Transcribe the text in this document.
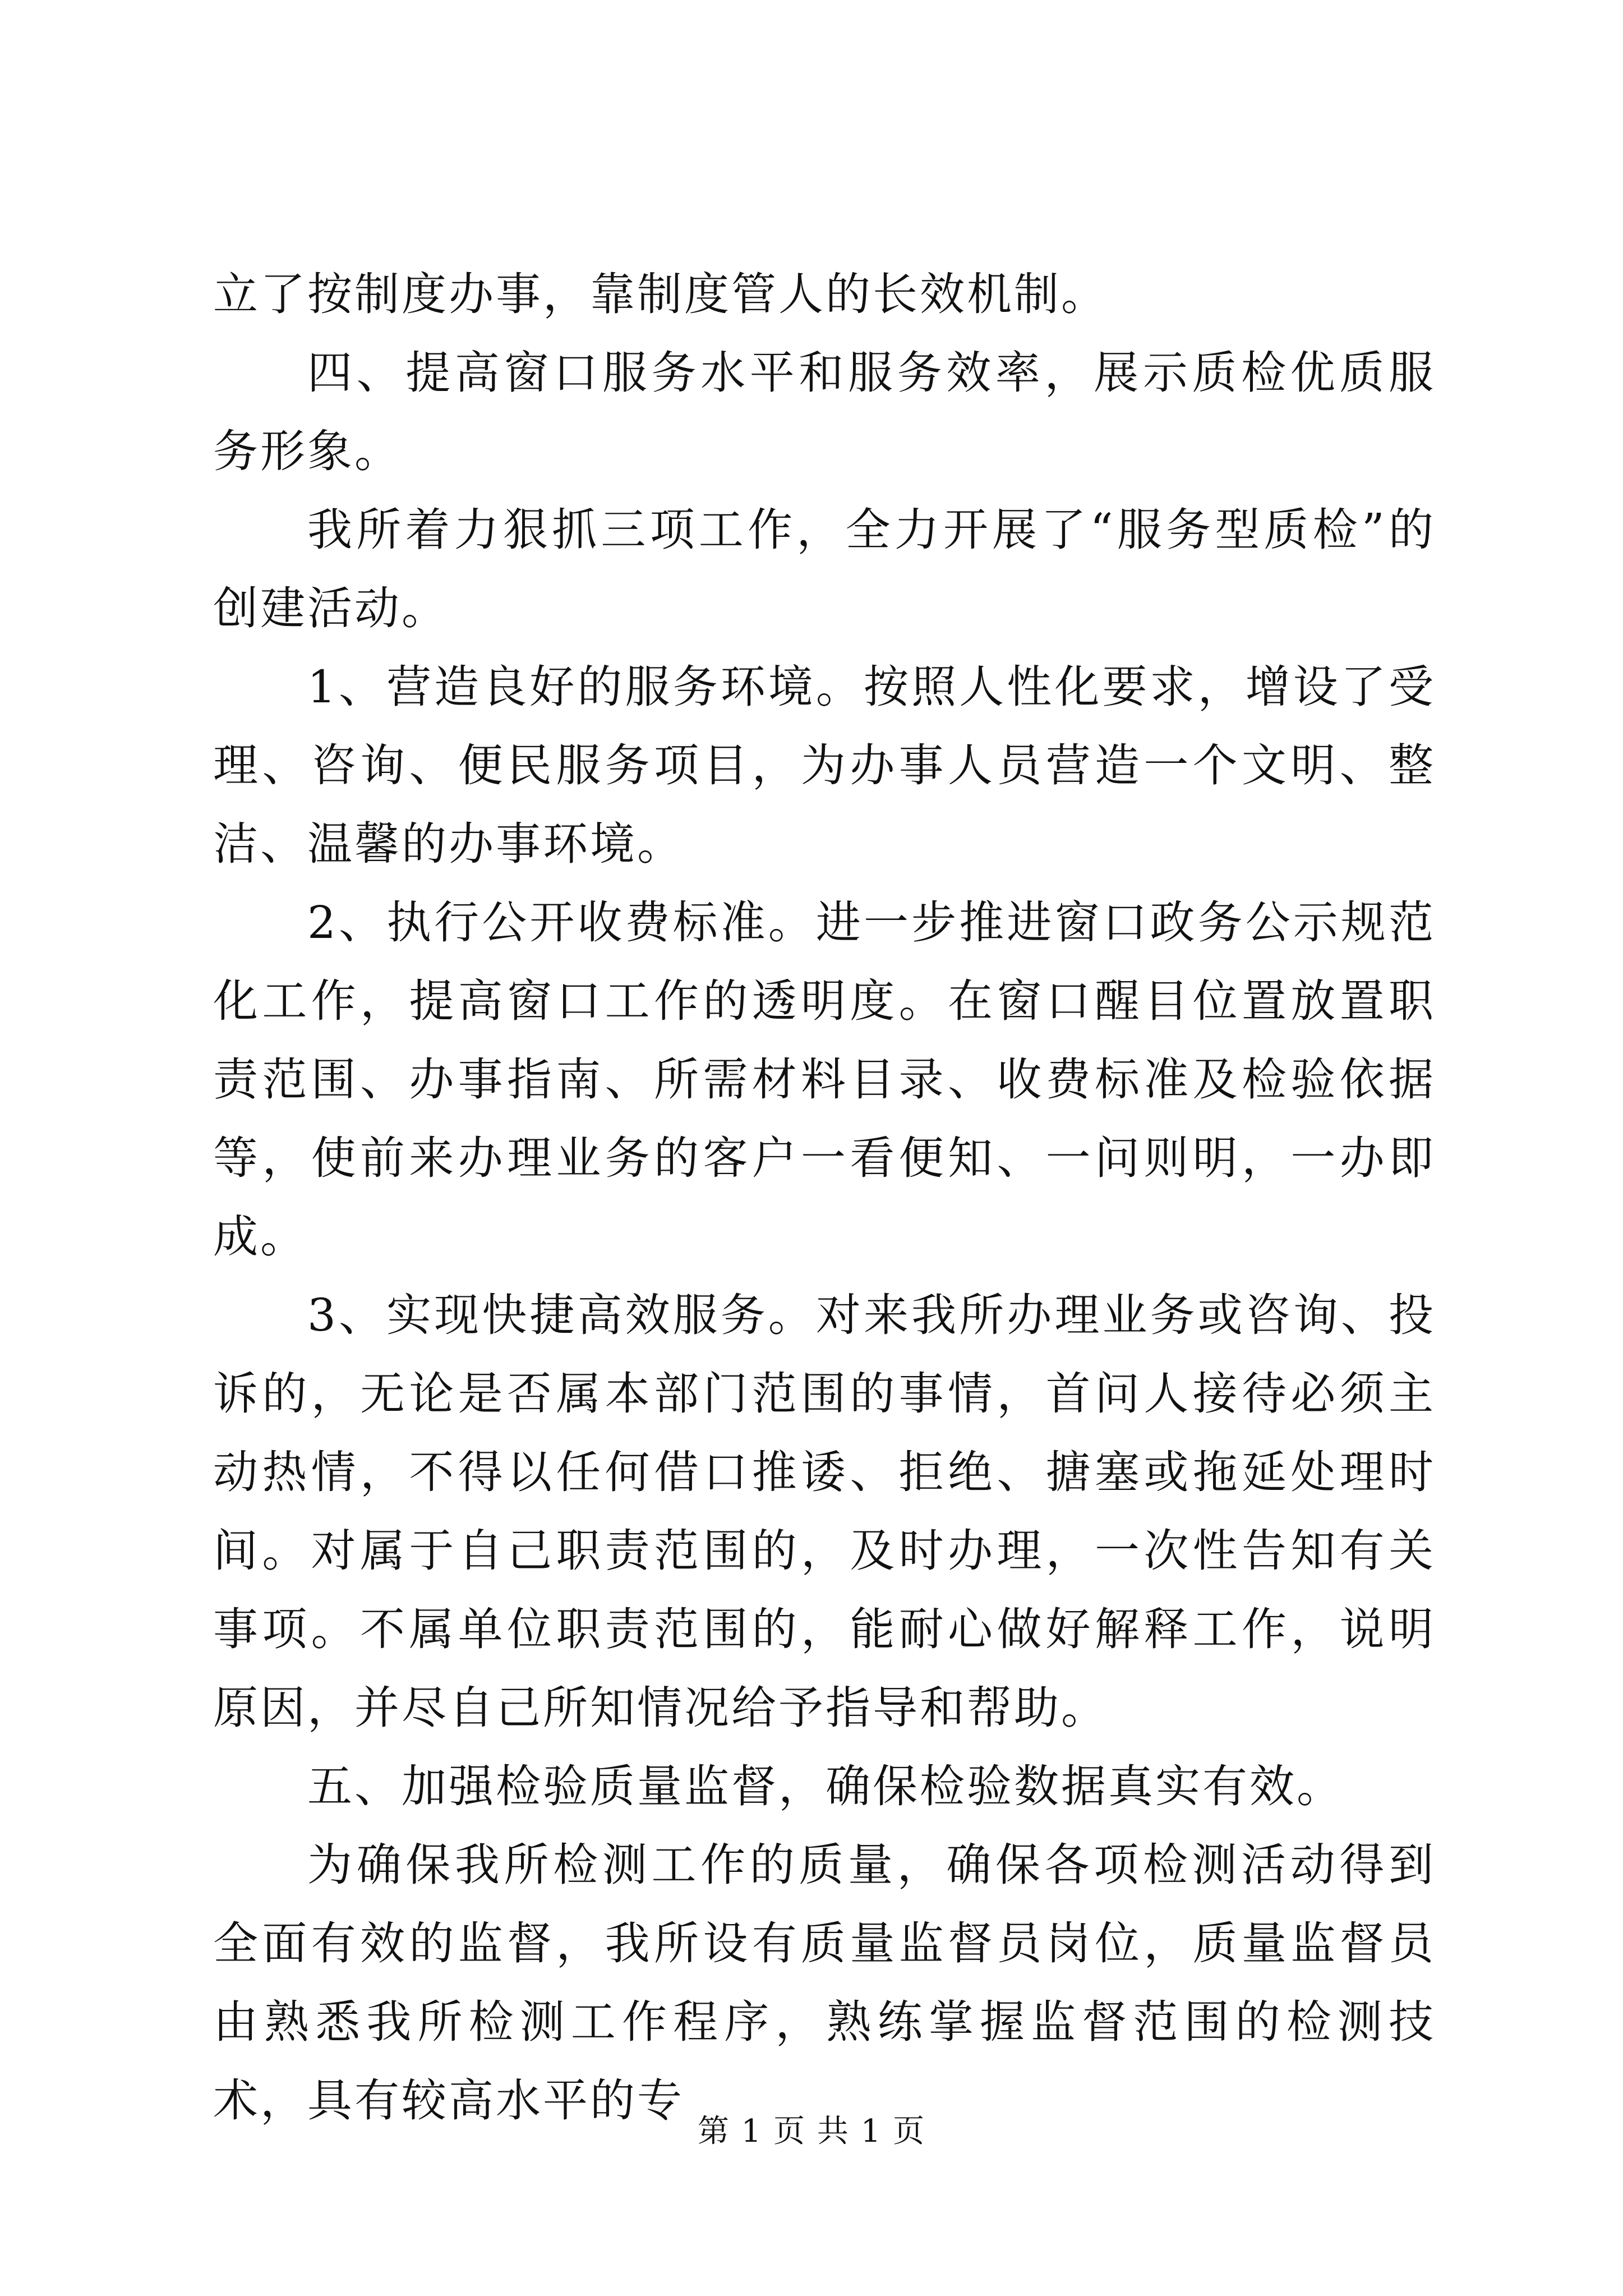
立了按制度办事，靠制度管人的长效机制。

四、提高窗口服务水平和服务效率，展示质检优质服务形象。

我所着力狠抓三项工作，全力开展了“服务型质检”的创建活动。

1、营造良好的服务环境。按照人性化要求，增设了受理、咨询、便民服务项目，为办事人员营造一个文明、整洁、温馨的办事环境。

2、执行公开收费标准。进一步推进窗口政务公示规范化工作，提高窗口工作的透明度。在窗口醒目位置放置职责范围、办事指南、所需材料目录、收费标准及检验依据等，使前来办理业务的客户一看便知、一问则明，一办即成。

3、实现快捷高效服务。对来我所办理业务或咨询、投诉的，无论是否属本部门范围的事情，首问人接待必须主动热情，不得以任何借口推诿、拒绝、搪塞或拖延处理时间。对属于自己职责范围的，及时办理，一次性告知有关事项。不属单位职责范围的，能耐心做好解释工作，说明原因，并尽自己所知情况给予指导和帮助。

五、加强检验质量监督，确保检验数据真实有效。

为确保我所检测工作的质量，确保各项检测活动得到全面有效的监督，我所设有质量监督员岗位，质量监督员由熟悉我所检测工作程序，熟练掌握监督范围的检测技术，具有较高水平的专

第 1 页 共 1 页
